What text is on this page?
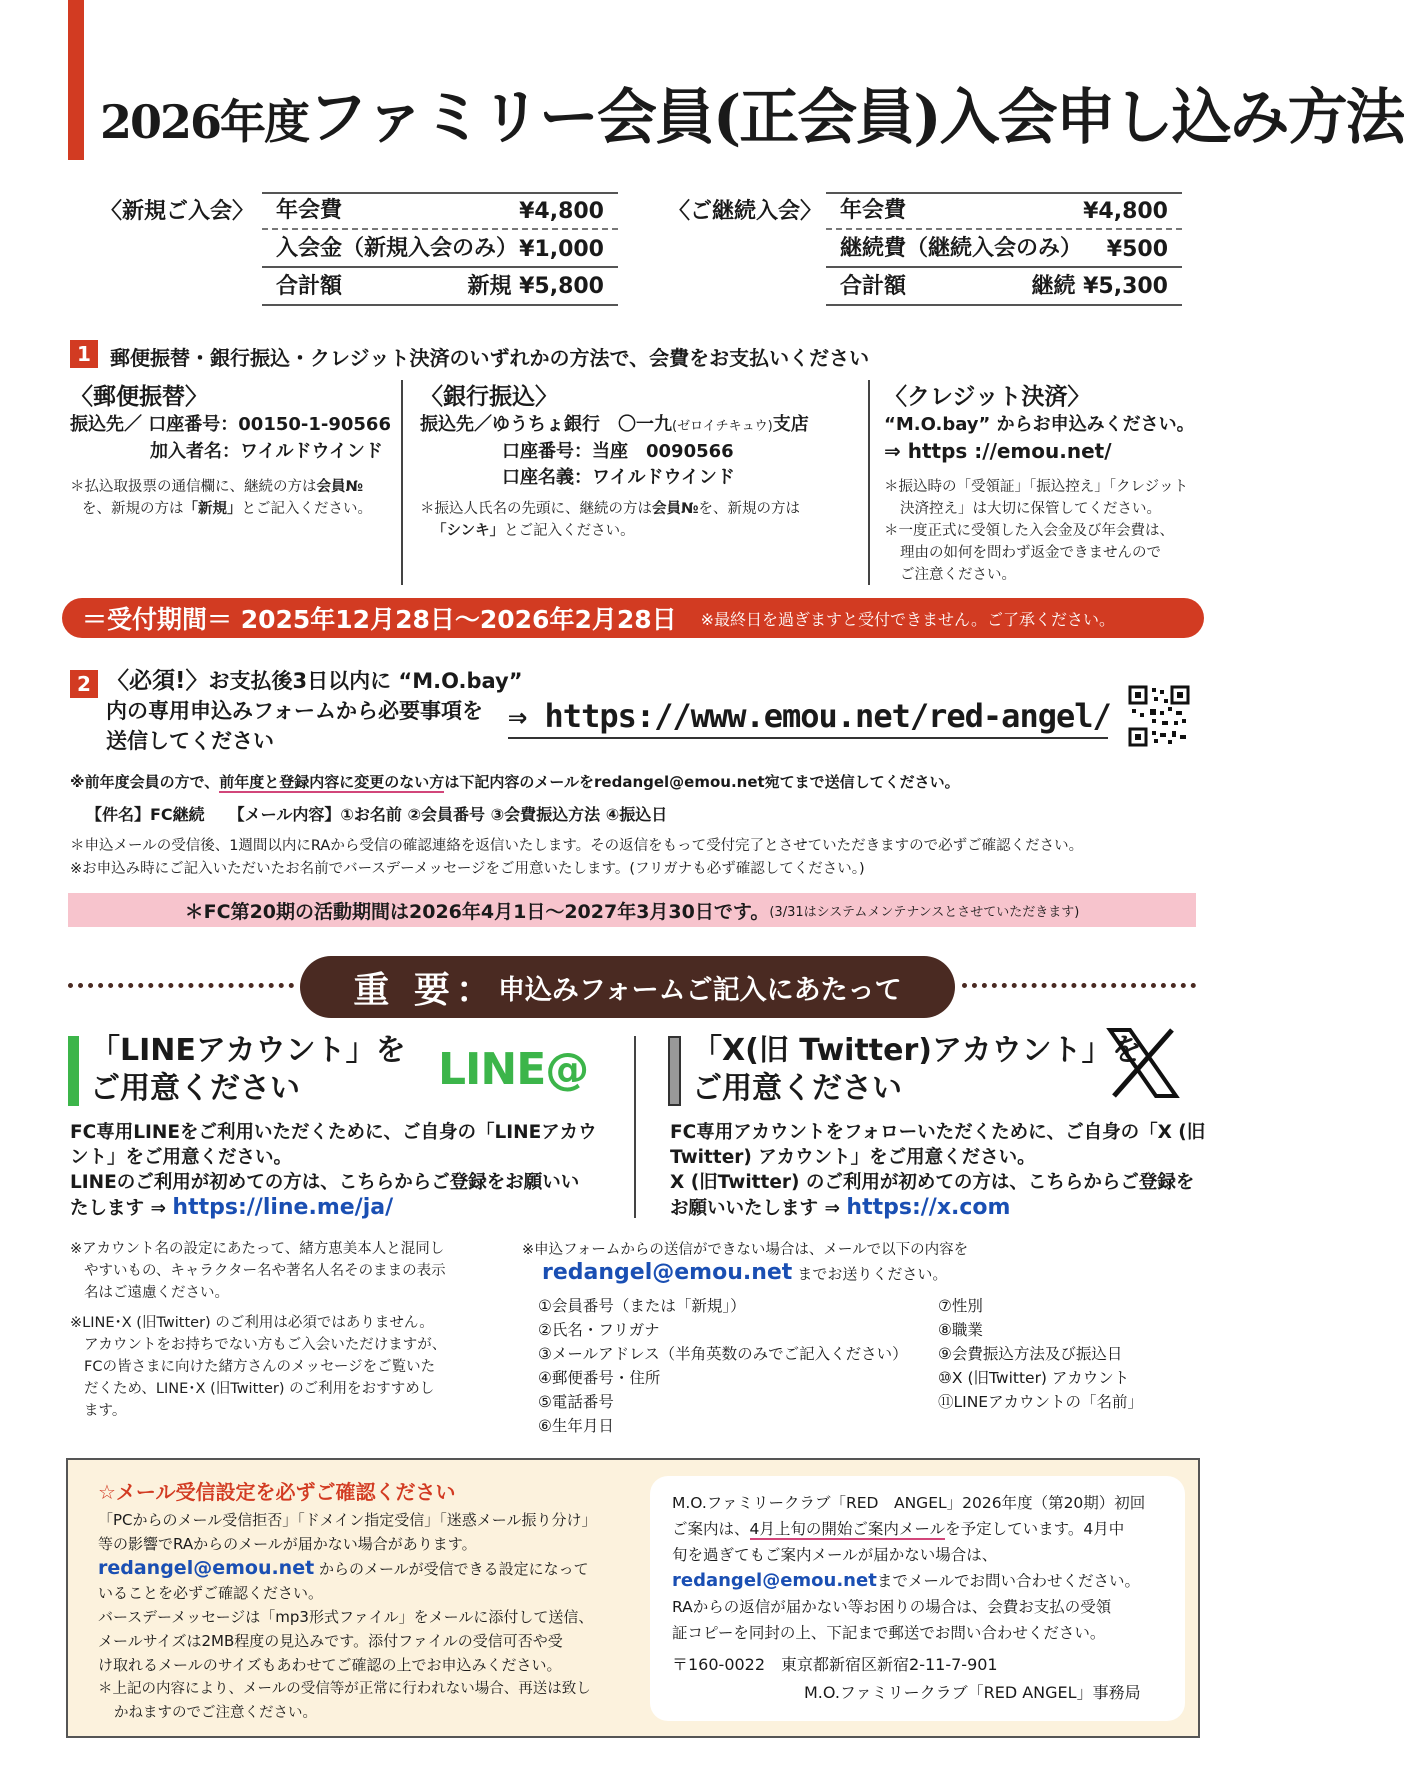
2026年度ファミリー会員(正会員)入会申し込み方法
〈新規ご入会〉 年会費	¥4,800
入会金（新規入会のみ） ¥1,000
合計額	新規 ¥5,800
〈ご継続入会〉 年会費	¥4,800
継続費（継続入会のみ） ¥500
合計額	継続 ¥5,300
1 郵便振替・銀行振込・クレジット決済のいずれかの方法で、会費をお支払いください
〈郵便振替〉
振込先／ 口座番号：00150-1-90566
加入者名：ワイルドウインド
＊払込取扱票の通信欄に、継続の方は会員№
を、新規の方は「新規」とご記入ください。
〈銀行振込〉
振込先／ゆうちょ銀行　〇一九(ゼロイチキュウ)支店
口座番号：当座　0090566
口座名義：ワイルドウインド
＊振込人氏名の先頭に、継続の方は会員№を、新規の方は
「シンキ」とご記入ください。
〈クレジット決済〉
“M.O.bay” からお申込みください。
⇒ https ://emou.net/
＊振込時の「受領証」「振込控え」「クレジット
決済控え」は大切に保管してください。
＊一度正式に受領した入会金及び年会費は、
理由の如何を問わず返金できませんので
ご注意ください。
＝受付期間＝ 2025年12月28日～2026年2月28日 ※最終日を過ぎますと受付できません。ご了承ください。
2 〈必須!〉お支払後3日以内に “M.O.bay”
内の専用申込みフォームから必要事項を
送信してください
⇒ https://www.emou.net/red-angel/
※前年度会員の方で、前年度と登録内容に変更のない方は下記内容のメールをredangel@emou.net宛てまで送信してください。
【件名】FC継続　　【メール内容】①お名前 ②会員番号 ③会費振込方法 ④振込日
＊申込メールの受信後、1週間以内にRAから受信の確認連絡を返信いたします。その返信をもって受付完了とさせていただきますので必ずご確認ください。
※お申込み時にご記入いただいたお名前でバースデーメッセージをご用意いたします。(フリガナも必ず確認してください。)
＊FC第20期の活動期間は2026年4月1日～2027年3月30日です。 (3/31はシステムメンテナンスとさせていただきます)
重 要： 申込みフォームご記入にあたって
「LINEアカウント」を
ご用意ください	LINE@
FC専用LINEをご利用いただくために、ご自身の「LINEアカウ
ント」をご用意ください。
LINEのご利用が初めての方は、こちらからご登録をお願いい
たします ⇒ https://line.me/ja/
「X(旧 Twitter)アカウント」を
ご用意ください
FC専用アカウントをフォローいただくために、ご自身の「X (旧
Twitter) アカウント」をご用意ください。
X (旧Twitter) のご利用が初めての方は、こちらからご登録を
お願いいたします ⇒ https://x.com
※アカウント名の設定にあたって、緒方恵美本人と混同し
やすいもの、キャラクター名や著名人名そのままの表示
名はご遠慮ください。
※LINE･X (旧Twitter) のご利用は必須ではありません。
アカウントをお持ちでない方もご入会いただけますが、
FCの皆さまに向けた緒方さんのメッセージをご覧いた
だくため、LINE･X (旧Twitter) のご利用をおすすめし
ます。
※申込フォームからの送信ができない場合は、メールで以下の内容を
redangel@emou.net までお送りください。
①会員番号（または「新規」）
②氏名・フリガナ
③メールアドレス（半角英数のみでご記入ください）
④郵便番号・住所
⑤電話番号
⑥生年月日
⑦性別
⑧職業
⑨会費振込方法及び振込日
⑩X (旧Twitter) アカウント
⑪LINEアカウントの「名前」
☆メール受信設定を必ずご確認ください
「PCからのメール受信拒否」「ドメイン指定受信」「迷惑メール振り分け」
等の影響でRAからのメールが届かない場合があります。
redangel@emou.net からのメールが受信できる設定になって
いることを必ずご確認ください。
バースデーメッセージは「mp3形式ファイル」をメールに添付して送信、
メールサイズは2MB程度の見込みです。添付ファイルの受信可否や受
け取れるメールのサイズもあわせてご確認の上でお申込みください。
＊上記の内容により、メールの受信等が正常に行われない場合、再送は致し
かねますのでご注意ください。
M.O.ファミリークラブ「RED　ANGEL」2026年度（第20期）初回
ご案内は、4月上旬の開始ご案内メールを予定しています。4月中
旬を過ぎてもご案内メールが届かない場合は、
redangel@emou.netまでメールでお問い合わせください。
RAからの返信が届かない等お困りの場合は、会費お支払の受領
証コピーを同封の上、下記まで郵送でお問い合わせください。
〒160-0022　東京都新宿区新宿2-11-7-901
M.O.ファミリークラブ「RED ANGEL」事務局
